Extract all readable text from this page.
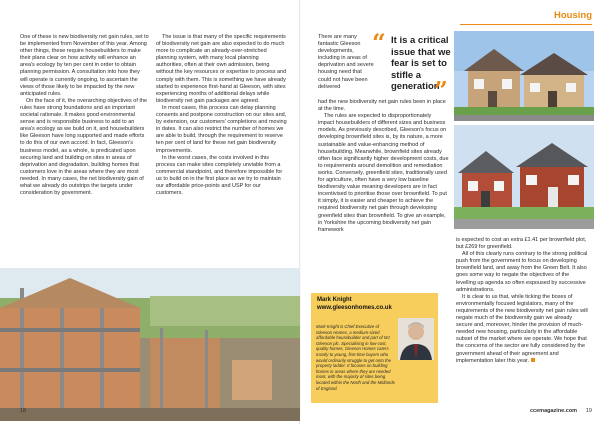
Housing

One of these is new biodiversity net gain rules, set to be implemented from November of this year. Among other things, these require housebuilders to make their plans clear on how activity will enhance an area's ecology by ten per cent in order to obtain planning permission. A consultation into how they will operate is currently ongoing, to ascertain the views of those likely to be impacted by the new anticipated rules.

On the face of it, the overarching objectives of the rules have strong foundations and an important societal rationale. It makes good environmental sense and is responsible business to add to an area's ecology as we build on it, and housebuilders like Gleeson have long supported and made efforts to do this of our own accord. In fact, Gleeson's business model, as a whole, is predicated upon securing land and building on sites in areas of deprivation and degradation, building homes that customers love in the areas where they are most needed. In many cases, the net biodiversity gain of what we already do outstrips the targets under consideration by government.

The issue is that many of the specific requirements of biodiversity net gain are also expected to do much more to complicate an already-over-stretched planning system, with many local planning authorities, often at their own admission, being without the key resources or expertise to process and comply with them. This is something we have already started to experience first-hand at Gleeson, with sites experiencing months of additional delays while biodiversity net gain packages are agreed.

In most cases, this process can delay planning consents and postpone construction on our sites and, by extension, our customers' completions and moving in dates. It can also restrict the number of homes we are able to build, through the requirement to reserve ten per cent of land for these net gain biodiversity improvements.

In the worst cases, the costs involved in this process can make sites completely unviable from a commercial standpoint, and therefore impossible for us to build on in the first place as we try to maintain our affordable price-points and USP for our customers.

There are many fantastic Gleeson developments, including in areas of deprivation and severe housing need that could not have been delivered

“ It is a critical issue that we fear is set to stifle a generation
”

had the new biodiversity net gain rules been in place at the time.

The rules are expected to disproportionately impact housebuilders of different sizes and business models. As previously described, Gleeson's focus on developing brownfield sites is, by its nature, a more sustainable and value-enhancing method of housebuilding. Meanwhile, brownfield sites already often face significantly higher development costs, due to requirements around demolition and remediation works. Conversely, greenfield sites, traditionally used for agriculture, often have a very low baseline biodiversity value meaning developers are in fact incentivised to prioritise those over brownfield. To put it simply, it is easier and cheaper to achieve the required biodiversity net gain through developing greenfield sites than brownfield. To give an example, in Yorkshire the upcoming biodiversity net gain framework

is expected to cost an extra £1.41 per brownfield plot, but £269 for greenfield.

All of this clearly runs contrary to the strong political push from the government to focus on developing brownfield land, and away from the Green Belt. It also goes some way to negate the objectives of the levelling up agenda so often espoused by successive administrations.

It is clear to us that, while ticking the boxes of environmentally focused legislators, many of the requirements of the new biodiversity net gain rules will negate much of the biodiversity gain we already secure and, moreover, hinder the provision of much-needed new housing, particularly in the affordable subset of the market where we operate. We hope that the concerns of the sector are fully considered by the government ahead of their agreement and implementation later this year.

Mark Knight
www.gleesonhomes.co.uk
Mark Knight is Chief Executive of Gleeson Homes, a medium-sized affordable housebuilder and part of MJ Gleeson plc. Specialising in low-cost, quality homes, Gleeson Homes caters mostly to young, first-time buyers who would ordinarily struggle to get onto the property ladder. It focuses on building homes in areas where they are needed most, with the majority of sites being located within the North and the Midlands of England.
18	ccemagazine.com 19
